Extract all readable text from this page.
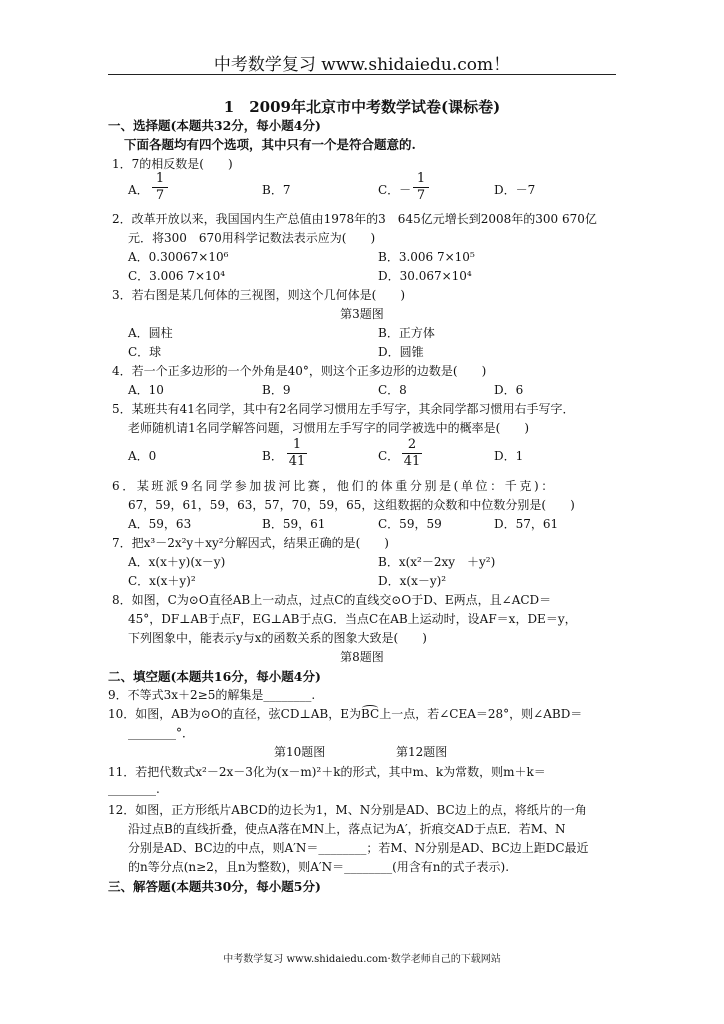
中考数学复习 www.shidaiedu.com！
1　2009年北京市中考数学试卷(课标卷)
一、选择题(本题共32分，每小题4分)
下面各题均有四个选项，其中只有一个是符合题意的.
1．7的相反数是(　　)
A．
1
7	B．7	C．－
1
7	D．－7
2．改革开放以来，我国国内生产总值由1978年的3　645亿元增长到2008年的300 670亿
元．将300　670用科学记数法表示应为(　　)
A．0.30067×10⁶	B．3.006 7×10⁵
C．3.006 7×10⁴	D．30.067×10⁴
3．若右图是某几何体的三视图，则这个几何体是(　　)
第3题图
A．圆柱	B．正方体
C．球	D．圆锥
4．若一个正多边形的一个外角是40°，则这个正多边形的边数是(　　)
A．10	B．9	C．8	D．6
5．某班共有41名同学，其中有2名同学习惯用左手写字，其余同学都习惯用右手写字．
老师随机请1名同学解答问题，习惯用左手写字的同学被选中的概率是(　　)
A．0	B．
1
41	C．
2
41	D．1
6．某班派9名同学参加拔河比赛，他们的体重分别是(单位：千克)：
67，59，61，59，63，57，70，59，65，这组数据的众数和中位数分别是(　　)
A．59，63	B．59，61	C．59，59	D．57，61
7．把x³－2x²y＋xy²分解因式，结果正确的是(　　)
A．x(x＋y)(x－y)	B．x(x²－2xy　＋y²)
C．x(x＋y)²	D．x(x－y)²
8．如图，C为⊙O直径AB上一动点，过点C的直线交⊙O于D、E两点，且∠ACD＝
45°，DF⊥AB于点F，EG⊥AB于点G．当点C在AB上运动时，设AF＝x，DE＝y，
下列图象中，能表示y与x的函数关系的图象大致是(　　)
第8题图
二、填空题(本题共16分，每小题4分)
9．不等式3x＋2≥5的解集是________.
10．如图，AB为⊙O的直径，弦CD⊥AB，E为BC上一点，若∠CEA＝28°，则∠ABD＝
________°．
第10题图	第12题图
11．若把代数式x²－2x－3化为(x－m)²＋k的形式，其中m、k为常数，则m＋k＝
________.
12．如图，正方形纸片ABCD的边长为1，M、N分别是AD、BC边上的点，将纸片的一角
沿过点B的直线折叠，使点A落在MN上，落点记为A′，折痕交AD于点E．若M、N
分别是AD、BC边的中点，则A′N＝________；若M、N分别是AD、BC边上距DC最近
的n等分点(n≥2，且n为整数)，则A′N＝________(用含有n的式子表示).
三、解答题(本题共30分，每小题5分)
中考数学复习 www.shidaiedu.com·数学老师自己的下载网站
